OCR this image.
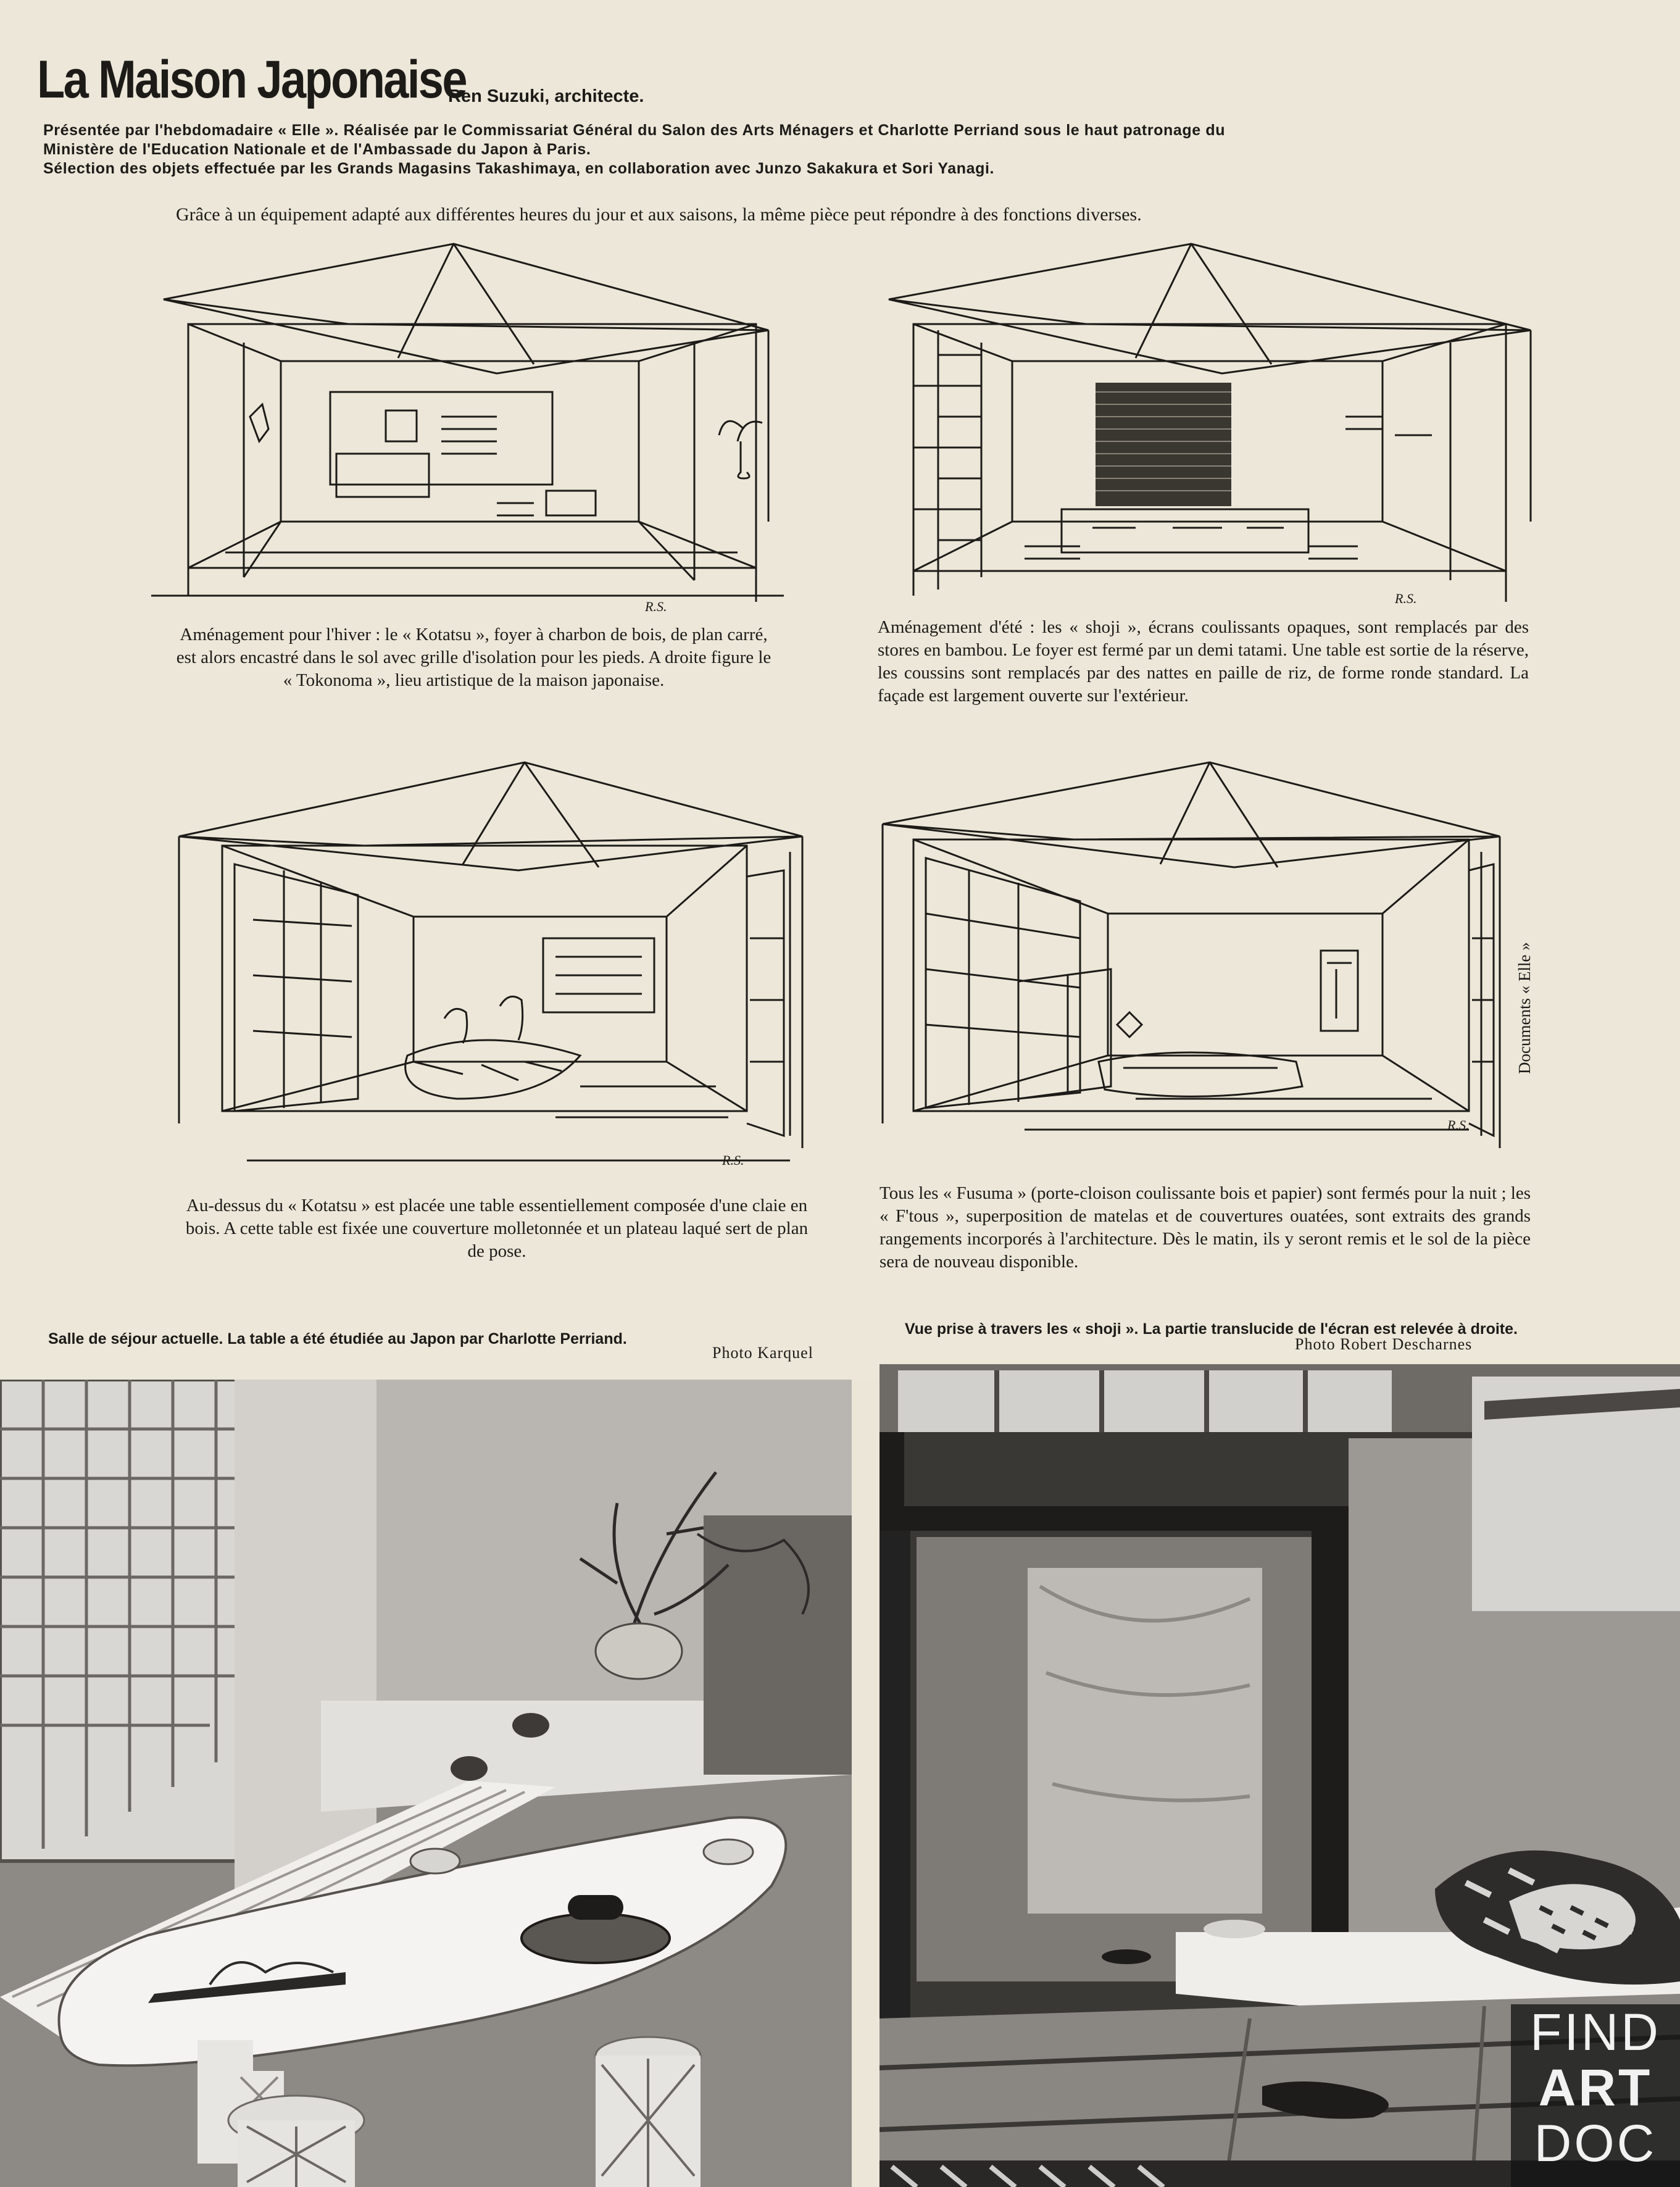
La Maison Japonaise
Ren Suzuki, architecte.

Présentée par l'hebdomadaire « Elle ». Réalisée par le Commissariat Général du Salon des Arts Ménagers et Charlotte Perriand sous le haut patronage du

Ministère de l'Education Nationale et de l'Ambassade du Japon à Paris.

Sélection des objets effectuée par les Grands Magasins Takashimaya, en collaboration avec Junzo Sakakura et Sori Yanagi.

Grâce à un équipement adapté aux différentes heures du jour et aux saisons, la même pièce peut répondre à des fonctions diverses.
R.S.
R.S.
Aménagement pour l'hiver : le « Kotatsu », foyer à charbon de bois, de plan carré, est alors encastré dans le sol avec grille d'isolation pour les pieds. A droite figure le « Tokonoma », lieu artistique de la maison japonaise.
Aménagement d'été : les « shoji », écrans coulissants opaques, sont remplacés par des stores en bambou. Le foyer est fermé par un demi tatami. Une table est sortie de la réserve, les coussins sont remplacés par des nattes en paille de riz, de forme ronde standard. La façade est largement ouverte sur l'extérieur.
R.S.
R.S.
Au-dessus du « Kotatsu » est placée une table essentiellement composée d'une claie en bois. A cette table est fixée une couverture molletonnée et un plateau laqué sert de plan de pose.
Tous les « Fusuma » (porte-cloison coulissante bois et papier) sont fermés pour la nuit ; les « F'tous », superposition de matelas et de couvertures ouatées, sont extraits des grands rangements incorporés à l'architecture. Dès le matin, ils y seront remis et le sol de la pièce sera de nouveau disponible.
Documents « Elle »
Salle de séjour actuelle. La table a été étudiée au Japon par Charlotte Perriand.
Photo Karquel
Vue prise à travers les « shoji ». La partie translucide de l'écran est relevée à droite.
Photo Robert Descharnes
FIND
ART
DOC
